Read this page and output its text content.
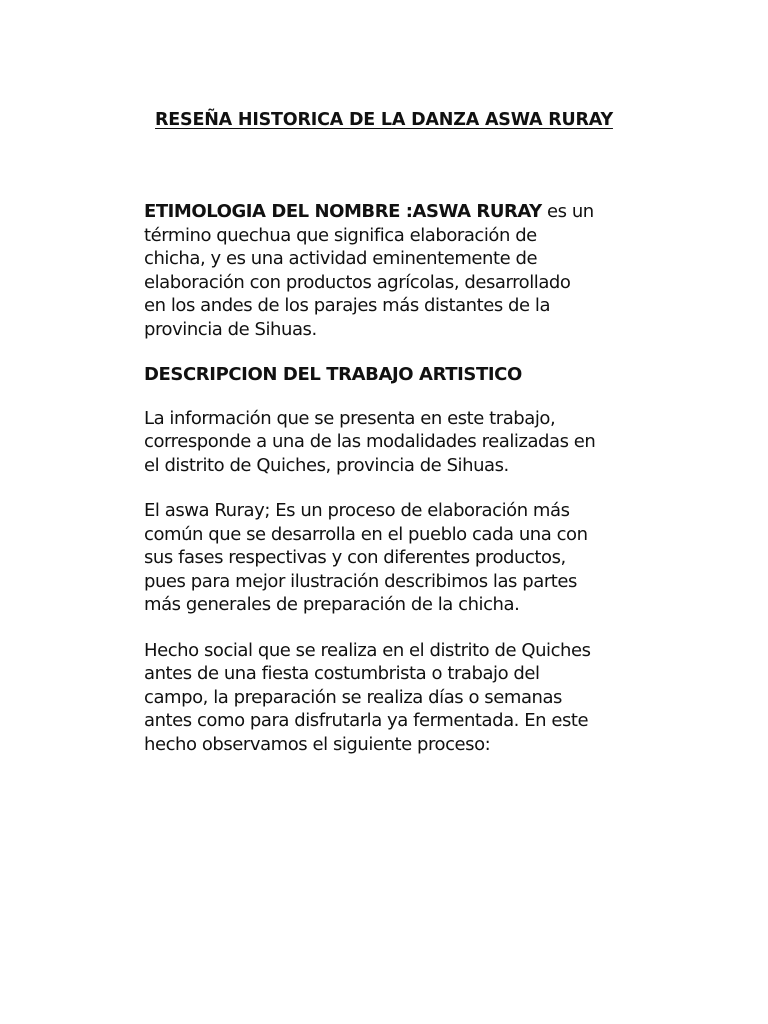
RESEÑA HISTORICA DE LA DANZA ASWA RURAY

ETIMOLOGIA DEL NOMBRE :ASWA RURAY es un
término quechua que significa elaboración de
chicha, y es una actividad eminentemente de
elaboración con productos agrícolas, desarrollado
en los andes de los parajes más distantes de la
provincia de Sihuas.

DESCRIPCION DEL TRABAJO ARTISTICO

La información que se presenta en este trabajo,
corresponde a una de las modalidades realizadas en
el distrito de Quiches, provincia de Sihuas.

El aswa Ruray; Es un proceso de elaboración más
común que se desarrolla en el pueblo cada una con
sus fases respectivas y con diferentes productos,
pues para mejor ilustración describimos las partes
más generales de preparación de la chicha.

Hecho social que se realiza en el distrito de Quiches
antes de una fiesta costumbrista o trabajo del
campo, la preparación se realiza días o semanas
antes como para disfrutarla ya fermentada. En este
hecho observamos el siguiente proceso:
